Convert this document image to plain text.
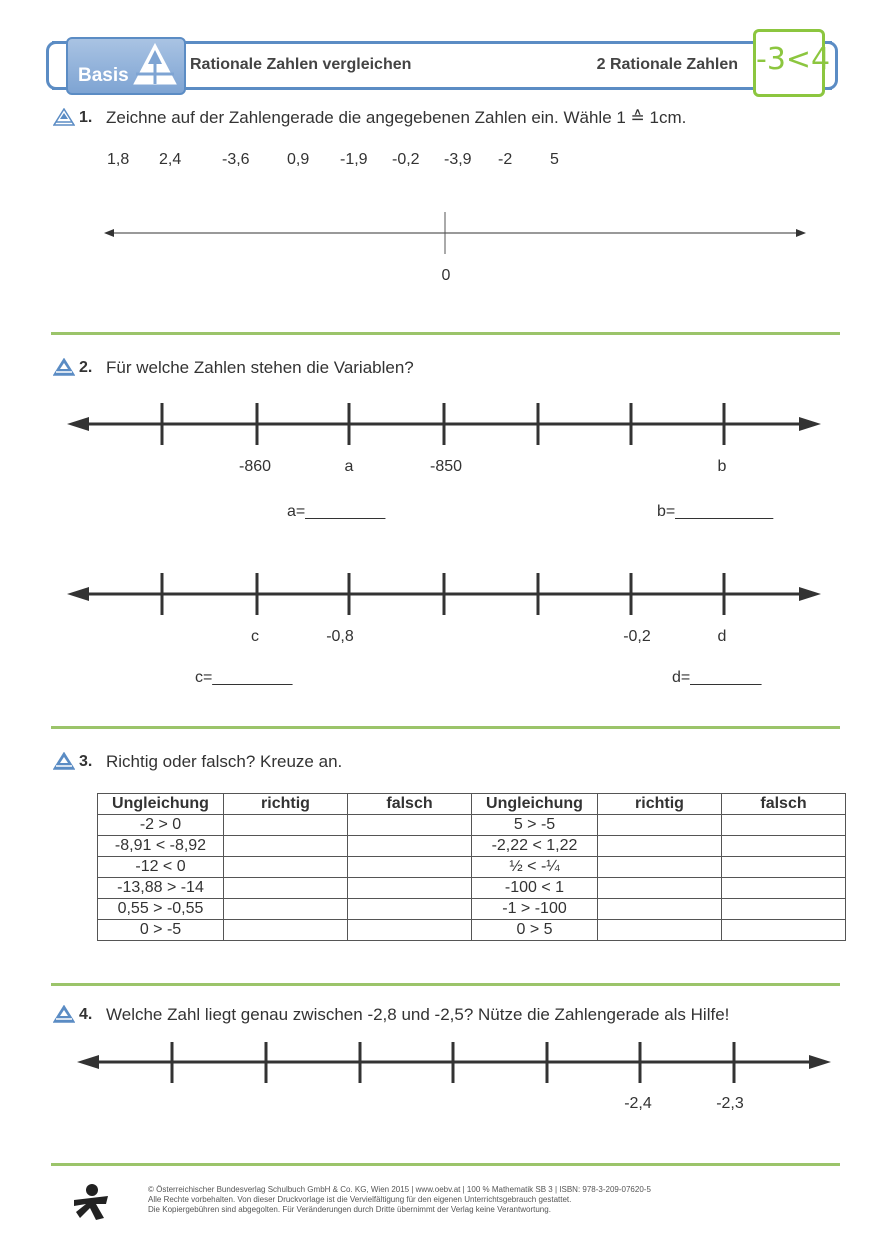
Basis
Rationale Zahlen vergleichen	2 Rationale Zahlen -3<4
1. Zeichne auf der Zahlengerade die angegebenen Zahlen ein. Wähle 1 ≙ 1cm.
1,8 2,4	-3,6 0,9 -1,9 -0,2 -3,9 -2 5
0
2. Für welche Zahlen stehen die Variablen?
-860	a	-850	b
a=_________	b=___________
c	-0,8	-0,2	d
c=_________	d=________
3. Richtig oder falsch? Kreuze an.
Ungleichung	richtig	falsch	Ungleichung	richtig	falsch
-2 > 0			5 > -5		
-8,91 < -8,92			-2,22 < 1,22		
-12 < 0			½ < -¼		
-13,88 > -14			-100 < 1		
0,55 > -0,55			-1 > -100		
0 > -5			0 > 5		
4. Welche Zahl liegt genau zwischen -2,8 und -2,5? Nütze die Zahlengerade als Hilfe!
-2,4	-2,3
© Österreichischer Bundesverlag Schulbuch GmbH & Co. KG, Wien 2015 | www.oebv.at | 100 % Mathematik SB 3 | ISBN: 978-3-209-07620-5
Alle Rechte vorbehalten. Von dieser Druckvorlage ist die Vervielfältigung für den eigenen Unterrichtsgebrauch gestattet.
Die Kopiergebühren sind abgegolten. Für Veränderungen durch Dritte übernimmt der Verlag keine Verantwortung.
